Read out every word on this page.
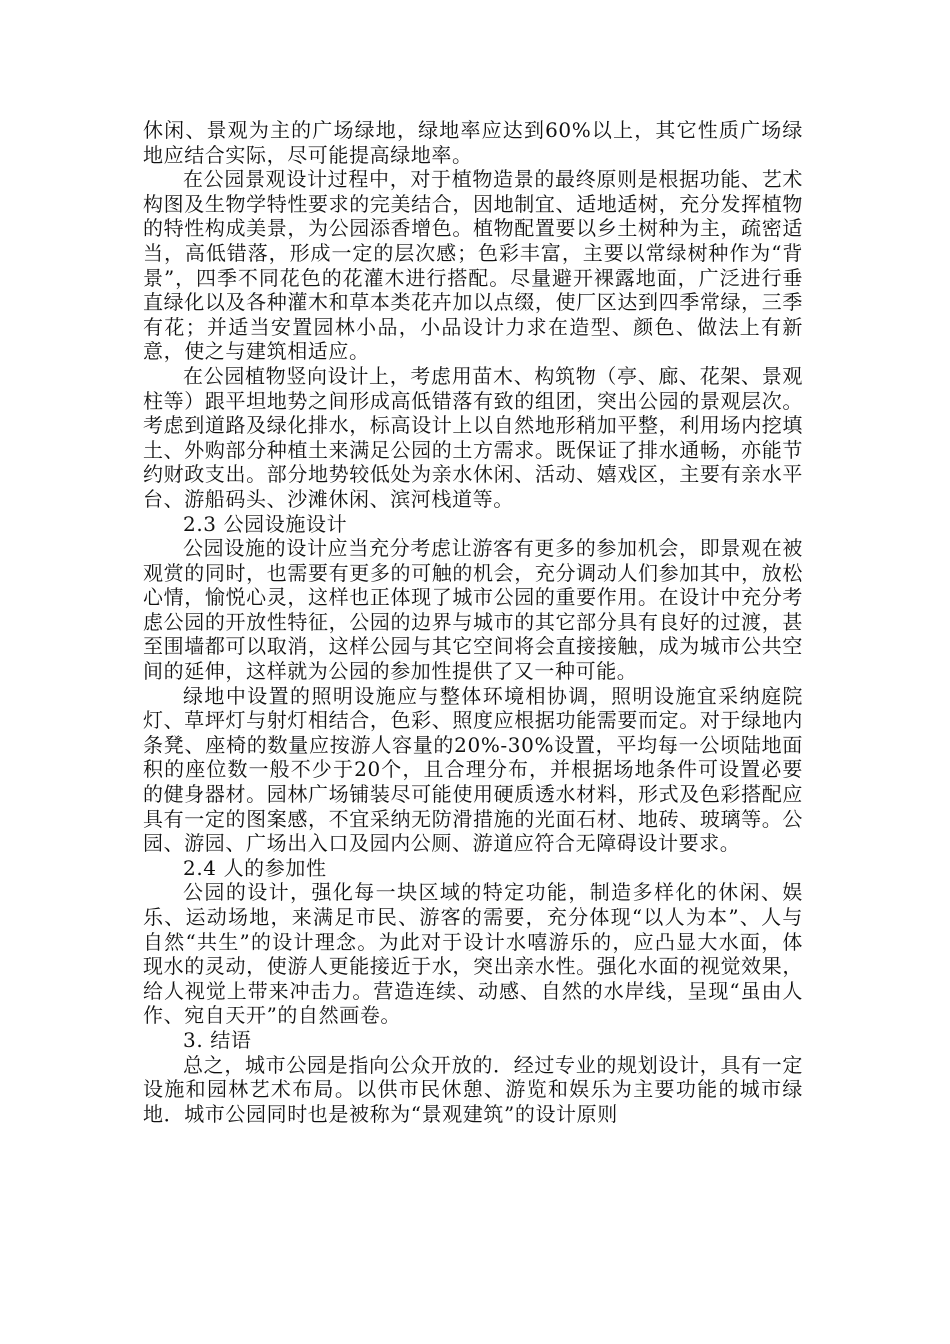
休闲、景观为主的广场绿地，绿地率应达到60%以上，其它性质广场绿地应结合实际，尽可能提高绿地率。

在公园景观设计过程中，对于植物造景的最终原则是根据功能、艺术构图及生物学特性要求的完美结合，因地制宜、适地适树，充分发挥植物的特性构成美景，为公园添香增色。植物配置要以乡土树种为主，疏密适当，高低错落，形成一定的层次感；色彩丰富，主要以常绿树种作为“背景”，四季不同花色的花灌木进行搭配。尽量避开裸露地面，广泛进行垂直绿化以及各种灌木和草本类花卉加以点缀，使厂区达到四季常绿，三季有花；并适当安置园林小品，小品设计力求在造型、颜色、做法上有新意，使之与建筑相适应。

在公园植物竖向设计上，考虑用苗木、构筑物（亭、廊、花架、景观柱等）跟平坦地势之间形成高低错落有致的组团，突出公园的景观层次。考虑到道路及绿化排水，标高设计上以自然地形稍加平整，利用场内挖填土、外购部分种植土来满足公园的土方需求。既保证了排水通畅，亦能节约财政支出。部分地势较低处为亲水休闲、活动、嬉戏区，主要有亲水平台、游船码头、沙滩休闲、滨河栈道等。

2.3 公园设施设计

公园设施的设计应当充分考虑让游客有更多的参加机会，即景观在被观赏的同时，也需要有更多的可触的机会，充分调动人们参加其中，放松心情，愉悦心灵，这样也正体现了城市公园的重要作用。在设计中充分考虑公园的开放性特征，公园的边界与城市的其它部分具有良好的过渡，甚至围墙都可以取消，这样公园与其它空间将会直接接触，成为城市公共空间的延伸，这样就为公园的参加性提供了又一种可能。

绿地中设置的照明设施应与整体环境相协调，照明设施宜采纳庭院灯、草坪灯与射灯相结合，色彩、照度应根据功能需要而定。对于绿地内条凳、座椅的数量应按游人容量的20%-30%设置，平均每一公顷陆地面积的座位数一般不少于20个，且合理分布，并根据场地条件可设置必要的健身器材。园林广场铺装尽可能使用硬质透水材料，形式及色彩搭配应具有一定的图案感，不宜采纳无防滑措施的光面石材、地砖、玻璃等。公园、游园、广场出入口及园内公厕、游道应符合无障碍设计要求。

2.4 人的参加性

公园的设计，强化每一块区域的特定功能，制造多样化的休闲、娱乐、运动场地，来满足市民、游客的需要，充分体现“以人为本”、人与自然“共生”的设计理念。为此对于设计水嘻游乐的，应凸显大水面，体现水的灵动，使游人更能接近于水，突出亲水性。强化水面的视觉效果，给人视觉上带来冲击力。营造连续、动感、自然的水岸线，呈现“虽由人作、宛自天开”的自然画卷。

3. 结语

总之，城市公园是指向公众开放的．经过专业的规划设计，具有一定设施和园林艺术布局。以供市民休憩、游览和娱乐为主要功能的城市绿地．城市公园同时也是被称为“景观建筑”的设计原则
